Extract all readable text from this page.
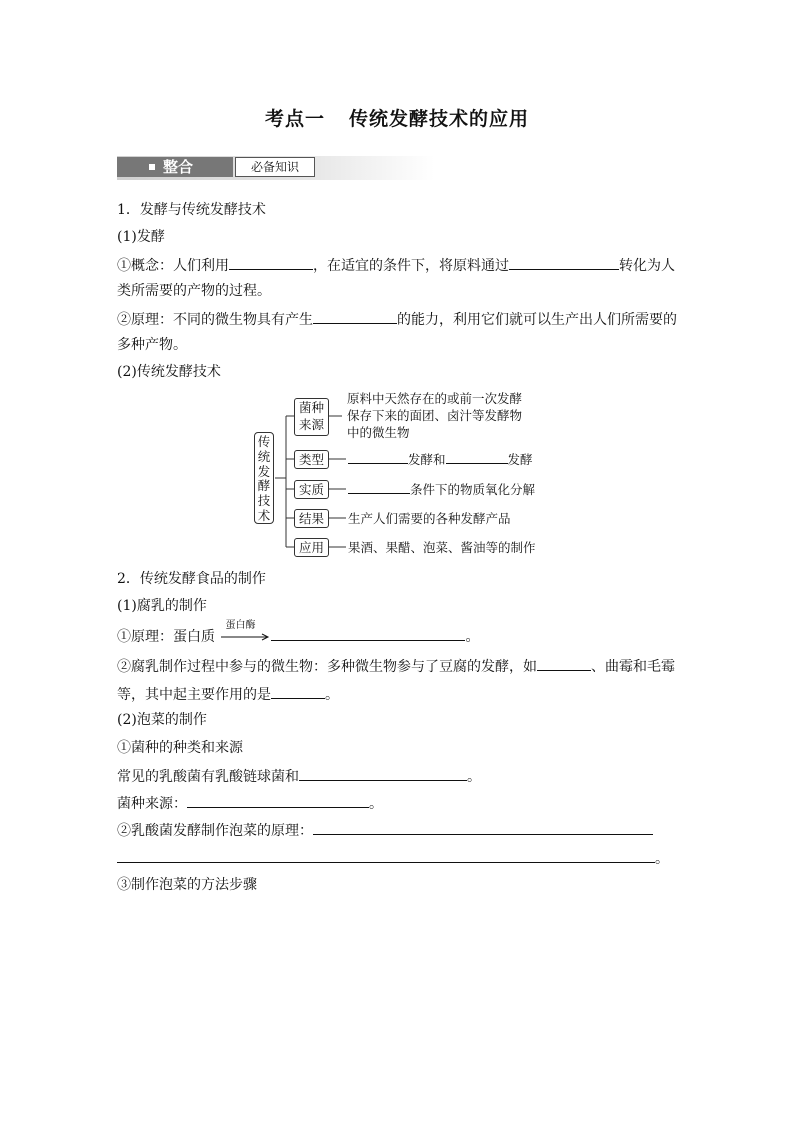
考点一 传统发酵技术的应用
整合	必备知识
1．发酵与传统发酵技术
(1)发酵
①概念：人们利用	，在适宜的条件下，将原料通过	转化为人
类所需要的产物的过程。
②原理：不同的微生物具有产生	的能力，利用它们就可以生产出人们所需要的
多种产物。
(2)传统发酵技术
传
统
发
酵
技
术
菌种
来源
原料中天然存在的或前一次发酵
保存下来的面团、卤汁等发酵物
中的微生物
类型	发酵和	发酵
实质	条件下的物质氧化分解
结果	生产人们需要的各种发酵产品
应用	果酒、果醋、泡菜、酱油等的制作
2．传统发酵食品的制作
(1)腐乳的制作
①原理：蛋白质
蛋白酶
。
②腐乳制作过程中参与的微生物：多种微生物参与了豆腐的发酵，如	、曲霉和毛霉
等，其中起主要作用的是	。
(2)泡菜的制作
①菌种的种类和来源
常见的乳酸菌有乳酸链球菌和	。
菌种来源：	。
②乳酸菌发酵制作泡菜的原理：
。
③制作泡菜的方法步骤
